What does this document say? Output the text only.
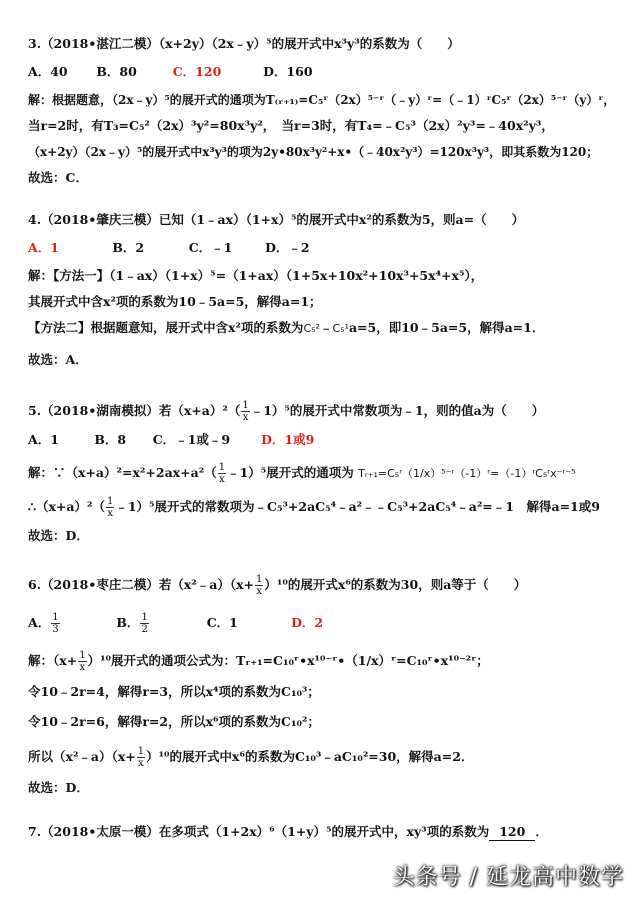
3.（2018•湛江二模）（x+2y）（2x﹣y）⁵的展开式中x³y³的系数为（　　）
A．40 B．80	C．120	D．160
解：根据题意，（2x﹣y）⁵的展开式的通项为T₍ᵣ₊₁₎=C₅ʳ（2x）⁵⁻ʳ（﹣y）ʳ=（﹣1）ʳC₅ʳ（2x）⁵⁻ʳ（y）ʳ，
当r=2时，有T₃=C₅²（2x）³y²=80x³y²，　当r=3时，有T₄=﹣C₅³（2x）²y³=﹣40x²y³，
（x+2y）（2x﹣y）⁵的展开式中x³y³的项为2y•80x³y²+x•（﹣40x²y³）=120x³y³，即其系数为120；
故选：C．
4.（2018•肇庆三模）已知（1﹣ax）（1+x）⁵的展开式中x²的系数为5，则a=（　　）
A．1	B．2	C．﹣1	D．﹣2
解：【方法一】（1﹣ax）（1+x）⁵=（1+ax）（1+5x+10x²+10x³+5x⁴+x⁵），
其展开式中含x²项的系数为10﹣5a=5，解得a=1；
【方法二】根据题意知，展开式中含x²项的系数为C₅²﹣C₅¹a=5，即10﹣5a=5，解得a=1．
故选：A．
5.（2018•湖南模拟）若$(x+a)^2( \frac{1}{x}$ ﹣1）⁵的展开式中常数项为﹣1，则的值a为（　　）
A．1	B．8 C．﹣1或﹣9 D．1或9
解：∵（x+a）²=x²+2ax+a²（ $\frac{1}{x}$ ﹣1）⁵展开式的通项为 Tᵣ₊₁=C₅ʳ（1/x）⁵⁻ʳ（-1）ʳ=（-1）ʳC₅ʳx⁻ʳ⁻⁵
∴（x+a）²（ $\frac{1}{x}$ ﹣1）⁵展开式的常数项为﹣C₅³+2aC₅⁴﹣a²﹣﹣C₅³+2aC₅⁴﹣a²=﹣1　解得a=1或9
故选：D．
6.（2018•枣庄二模）若（x²﹣a）（x+ $\frac{1}{x} )^{10}$的展开式x⁶的系数为30，则a等于（　　）
A． $\frac{1}{3}$	B． $\frac{1}{2}$	C．1	D．2
解：$(x+ \frac{1}{x} )^{10}$展开式的通项公式为：Tᵣ₊₁=C₁₀ʳ•x¹⁰⁻ʳ•（1/x）ʳ=C₁₀ʳ•x¹⁰⁻²ʳ；
令10﹣2r=4，解得r=3，所以x⁴项的系数为C₁₀³；
令10﹣2r=6，解得r=2，所以x⁶项的系数为C₁₀²；
所以（x²﹣a）（x+ $\frac{1}{x} )^{10}$的展开式中x⁶的系数为C₁₀³﹣aC₁₀²=30，解得a=2．
故选：D．
7.（2018•太原一模）在多项式（1+2x）⁶（1+y）⁵的展开式中，xy³项的系数为 120 ．
头条号 / 延龙高中数学
